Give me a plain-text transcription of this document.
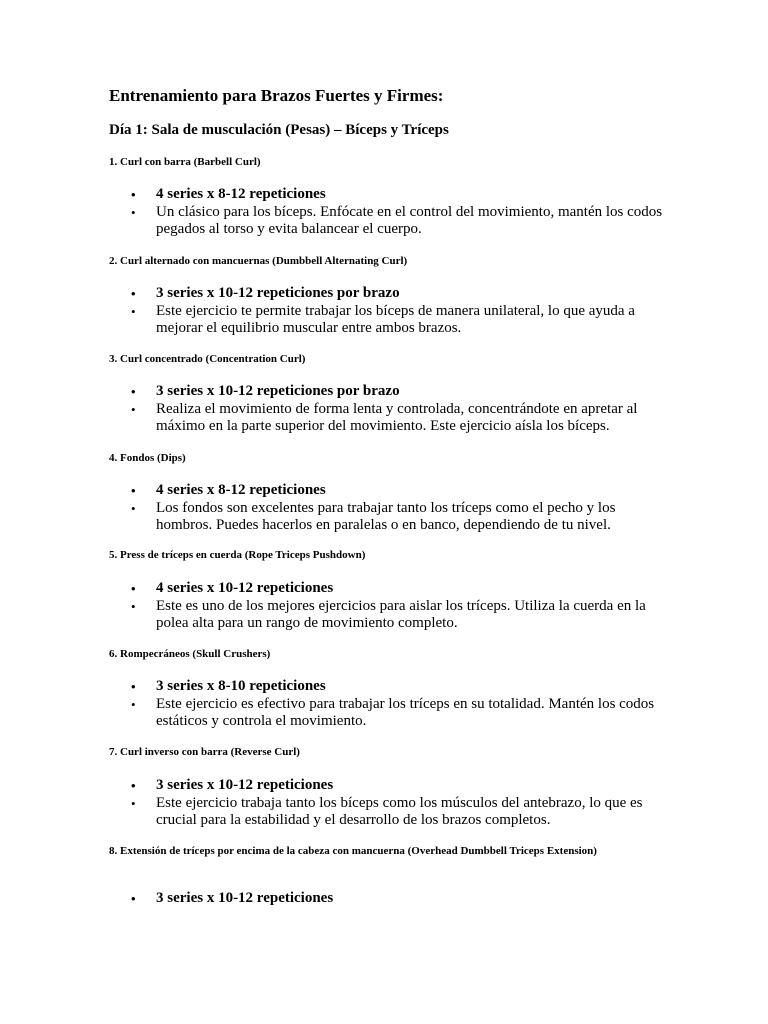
Entrenamiento para Brazos Fuertes y Firmes:
Día 1: Sala de musculación (Pesas) – Bíceps y Tríceps
1. Curl con barra (Barbell Curl)
• 4 series x 8-12 repeticiones
• Un clásico para los bíceps. Enfócate en el control del movimiento, mantén los codos pegados al torso y evita balancear el cuerpo.
2. Curl alternado con mancuernas (Dumbbell Alternating Curl)
• 3 series x 10-12 repeticiones por brazo
• Este ejercicio te permite trabajar los bíceps de manera unilateral, lo que ayuda a mejorar el equilibrio muscular entre ambos brazos.
3. Curl concentrado (Concentration Curl)
• 3 series x 10-12 repeticiones por brazo
• Realiza el movimiento de forma lenta y controlada, concentrándote en apretar al máximo en la parte superior del movimiento. Este ejercicio aísla los bíceps.
4. Fondos (Dips)
• 4 series x 8-12 repeticiones
• Los fondos son excelentes para trabajar tanto los tríceps como el pecho y los hombros. Puedes hacerlos en paralelas o en banco, dependiendo de tu nivel.
5. Press de tríceps en cuerda (Rope Triceps Pushdown)
• 4 series x 10-12 repeticiones
• Este es uno de los mejores ejercicios para aislar los tríceps. Utiliza la cuerda en la polea alta para un rango de movimiento completo.
6. Rompecráneos (Skull Crushers)
• 3 series x 8-10 repeticiones
• Este ejercicio es efectivo para trabajar los tríceps en su totalidad. Mantén los codos estáticos y controla el movimiento.
7. Curl inverso con barra (Reverse Curl)
• 3 series x 10-12 repeticiones
• Este ejercicio trabaja tanto los bíceps como los músculos del antebrazo, lo que es crucial para la estabilidad y el desarrollo de los brazos completos.
8. Extensión de tríceps por encima de la cabeza con mancuerna (Overhead Dumbbell Triceps Extension)
• 3 series x 10-12 repeticiones
